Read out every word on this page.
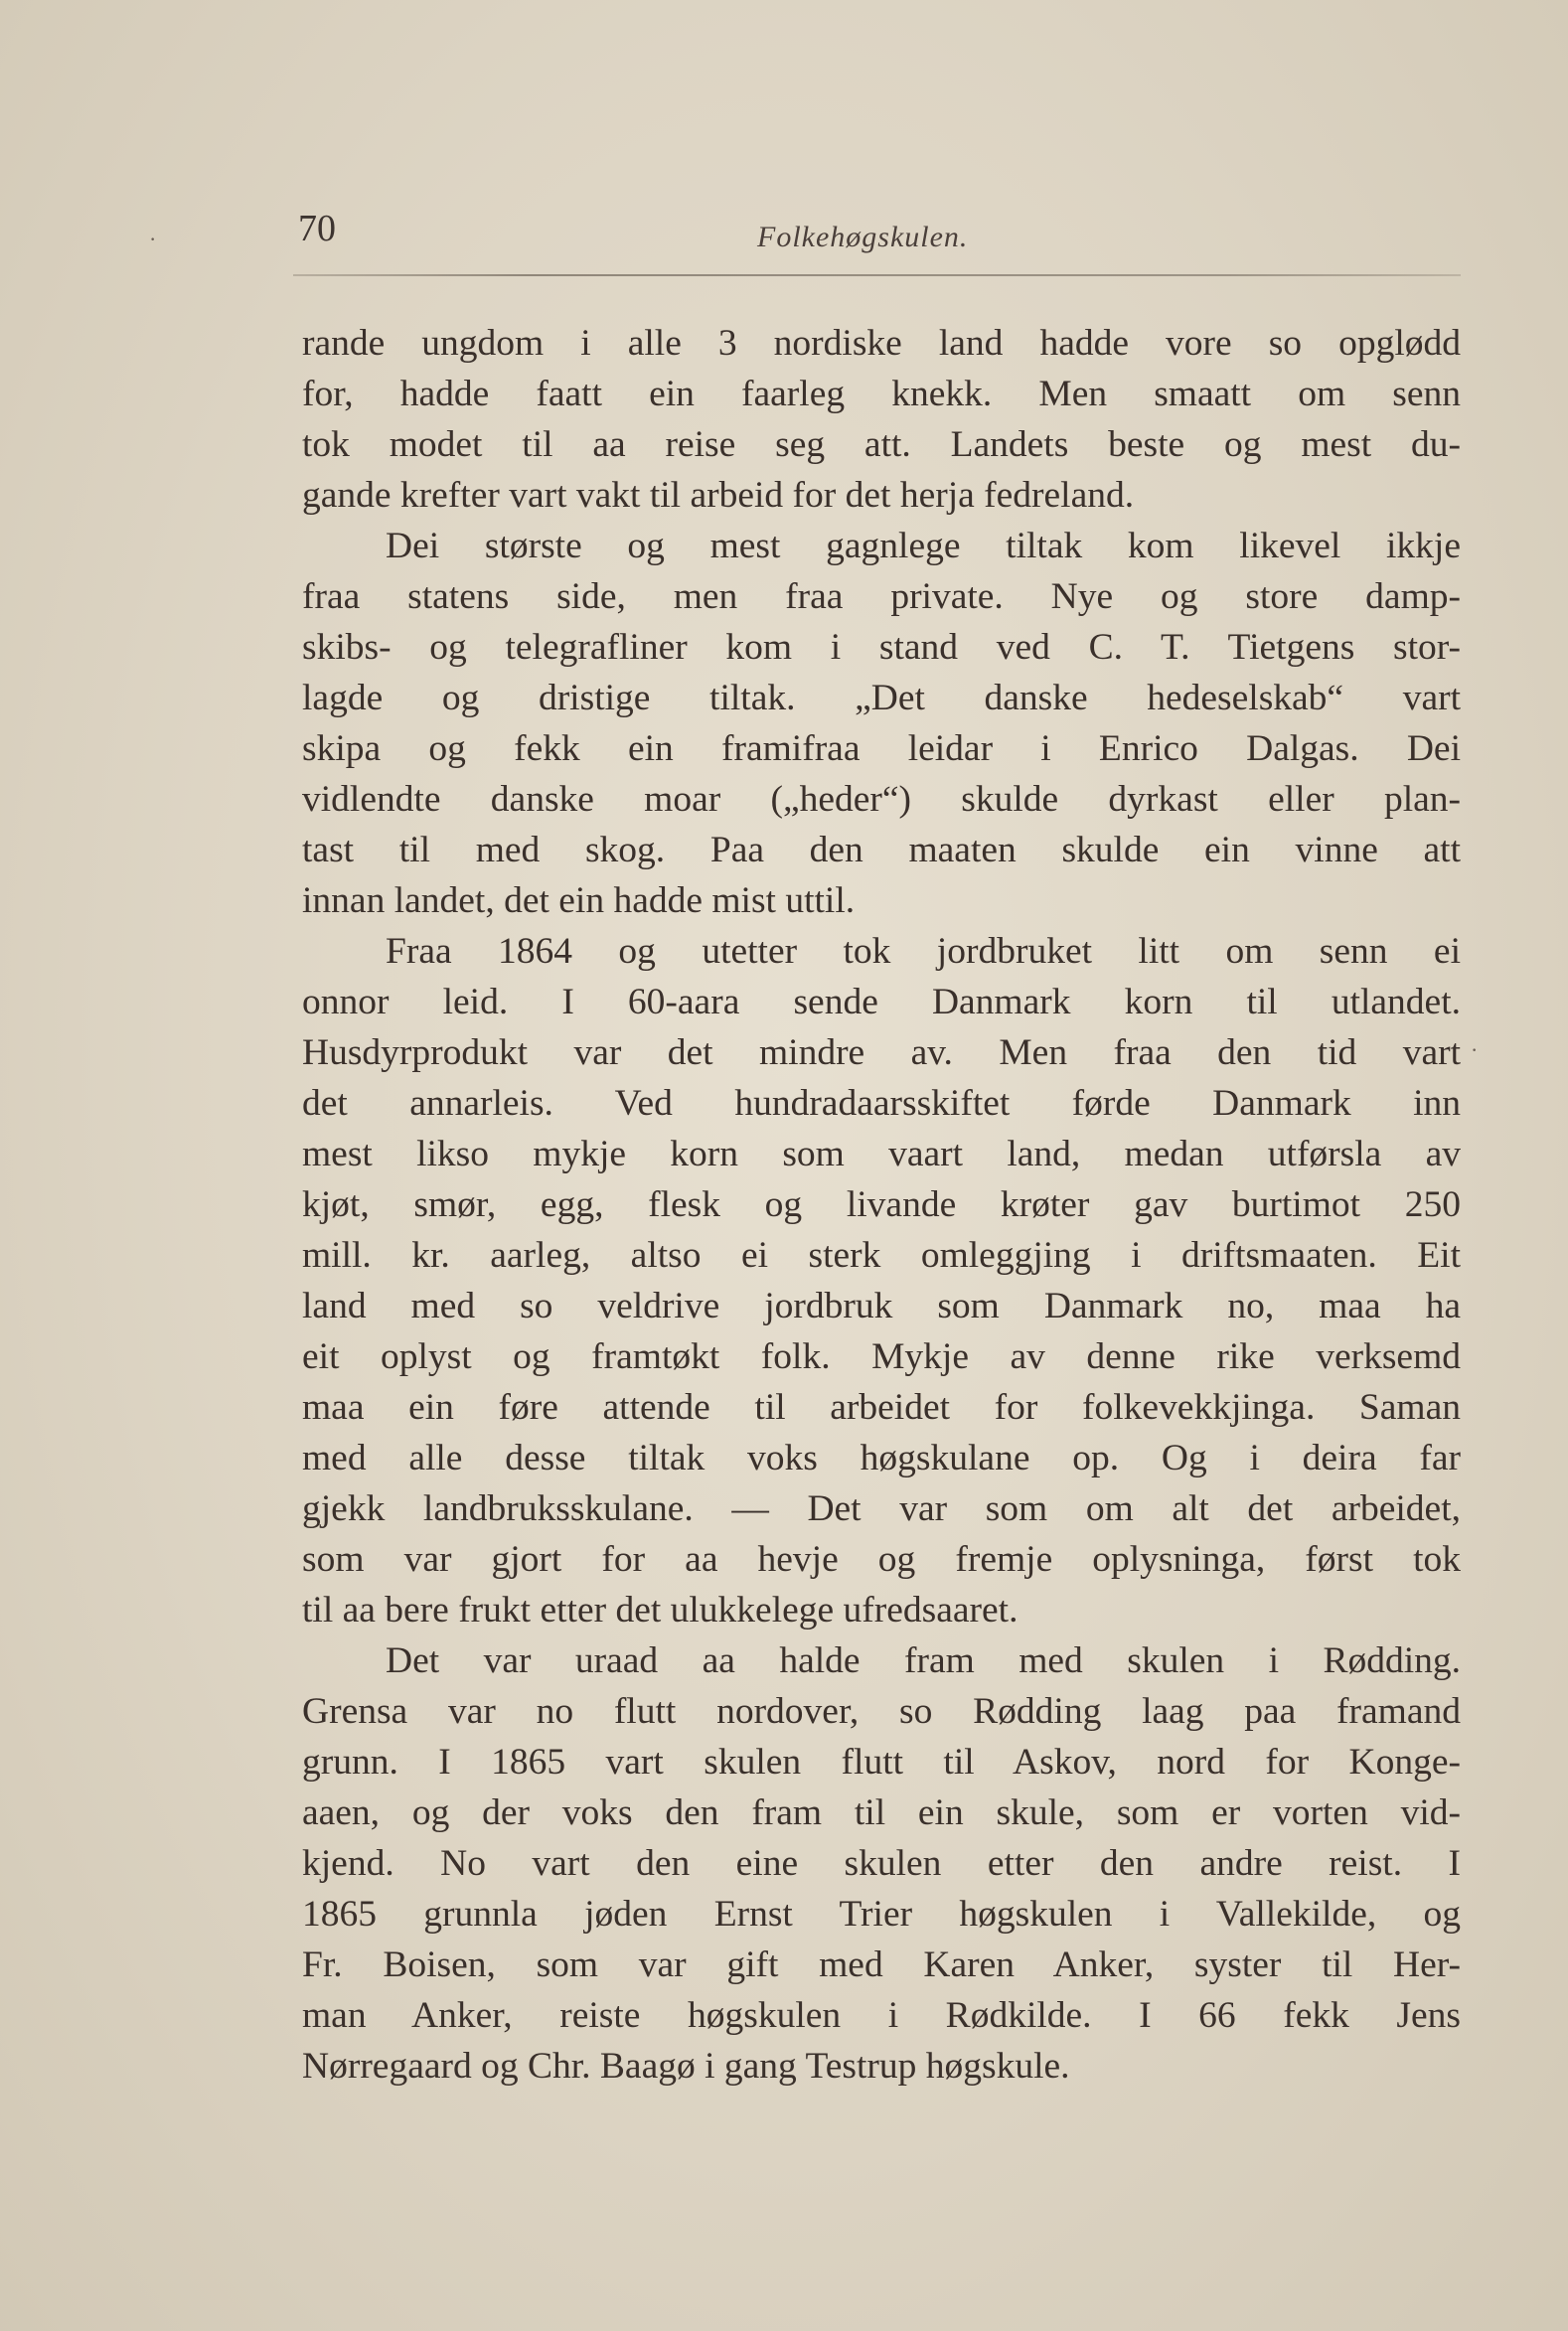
·
·
70	Folkehøgskulen.
rande ungdom i alle 3 nordiske land hadde vore so opglødd
for, hadde faatt ein faarleg knekk. Men smaatt om senn
tok modet til aa reise seg att. Landets beste og mest du-
gande krefter vart vakt til arbeid for det herja fedreland.
Dei største og mest gagnlege tiltak kom likevel ikkje
fraa statens side, men fraa private. Nye og store damp-
skibs- og telegrafliner kom i stand ved C. T. Tietgens stor-
lagde og dristige tiltak. „Det danske hedeselskab“ vart
skipa og fekk ein framifraa leidar i Enrico Dalgas. Dei
vidlendte danske moar („heder“) skulde dyrkast eller plan-
tast til med skog. Paa den maaten skulde ein vinne att
innan landet, det ein hadde mist uttil.
Fraa 1864 og utetter tok jordbruket litt om senn ei
onnor leid. I 60-aara sende Danmark korn til utlandet.
Husdyrprodukt var det mindre av. Men fraa den tid vart
det annarleis. Ved hundradaarsskiftet førde Danmark inn
mest likso mykje korn som vaart land, medan utførsla av
kjøt, smør, egg, flesk og livande krøter gav burtimot 250
mill. kr. aarleg, altso ei sterk omleggjing i driftsmaaten. Eit
land med so veldrive jordbruk som Danmark no, maa ha
eit oplyst og framtøkt folk. Mykje av denne rike verksemd
maa ein føre attende til arbeidet for folkevekkjinga. Saman
med alle desse tiltak voks høgskulane op. Og i deira far
gjekk landbruksskulane. — Det var som om alt det arbeidet,
som var gjort for aa hevje og fremje oplysninga, først tok
til aa bere frukt etter det ulukkelege ufredsaaret.
Det var uraad aa halde fram med skulen i Rødding.
Grensa var no flutt nordover, so Rødding laag paa framand
grunn. I 1865 vart skulen flutt til Askov, nord for Konge-
aaen, og der voks den fram til ein skule, som er vorten vid-
kjend. No vart den eine skulen etter den andre reist. I
1865 grunnla jøden Ernst Trier høgskulen i Vallekilde, og
Fr. Boisen, som var gift med Karen Anker, syster til Her-
man Anker, reiste høgskulen i Rødkilde. I 66 fekk Jens
Nørregaard og Chr. Baagø i gang Testrup høgskule.
